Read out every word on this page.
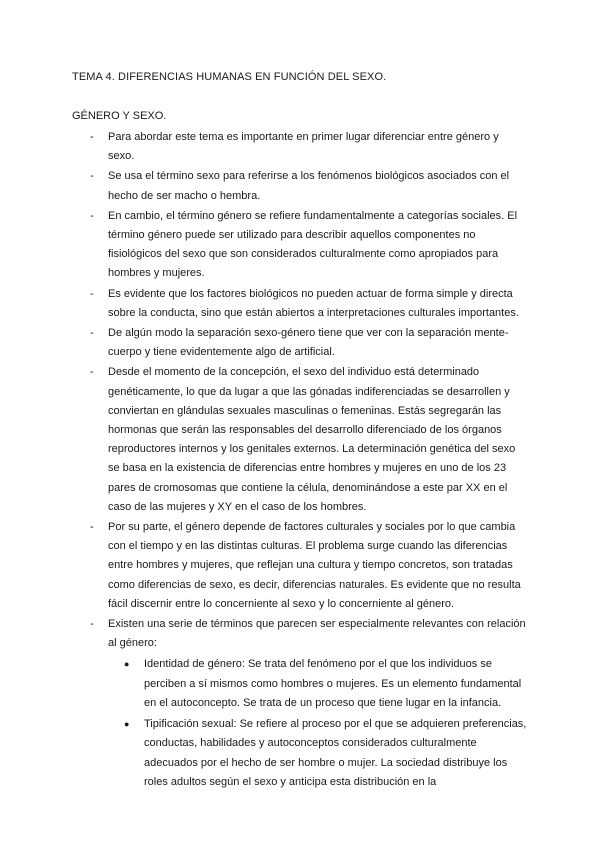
TEMA 4. DIFERENCIAS HUMANAS EN FUNCIÓN DEL SEXO.
GÉNERO Y SEXO.
- Para abordar este tema es importante en primer lugar diferenciar entre género y sexo.
- Se usa el término sexo para referirse a los fenómenos biológicos asociados con el hecho de ser macho o hembra.
- En cambio, el término género se refiere fundamentalmente a categorías sociales. El término género puede ser utilizado para describir aquellos componentes no fisiológicos del sexo que son considerados culturalmente como apropiados para hombres y mujeres.
- Es evidente que los factores biológicos no pueden actuar de forma simple y directa sobre la conducta, sino que están abiertos a interpretaciones culturales importantes.
- De algún modo la separación sexo-género tiene que ver con la separación mente-cuerpo y tiene evidentemente algo de artificial.
- Desde el momento de la concepción, el sexo del individuo está determinado genéticamente, lo que da lugar a que las gónadas indiferenciadas se desarrollen y conviertan en glándulas sexuales masculinas o femeninas. Estás segregarán las hormonas que serán las responsables del desarrollo diferenciado de los órganos reproductores internos y los genitales externos. La determinación genética del sexo se basa en la existencia de diferencias entre hombres y mujeres en uno de los 23 pares de cromosomas que contiene la célula, denominándose a este par XX en el caso de las mujeres y XY en el caso de los hombres.
- Por su parte, el género depende de factores culturales y sociales por lo que cambia con el tiempo y en las distintas culturas. El problema surge cuando las diferencias entre hombres y mujeres, que reflejan una cultura y tiempo concretos, son tratadas como diferencias de sexo, es decir, diferencias naturales. Es evidente que no resulta fácil discernir entre lo concerniente al sexo y lo concerniente al género.
- Existen una serie de términos que parecen ser especialmente relevantes con relación al género:
● Identidad de género: Se trata del fenómeno por el que los individuos se perciben a sí mismos como hombres o mujeres. Es un elemento fundamental en el autoconcepto. Se trata de un proceso que tiene lugar en la infancia.
● Tipificación sexual: Se refiere al proceso por el que se adquieren preferencias, conductas, habilidades y autoconceptos considerados culturalmente adecuados por el hecho de ser hombre o mujer. La sociedad distribuye los roles adultos según el sexo y anticipa esta distribución en la
